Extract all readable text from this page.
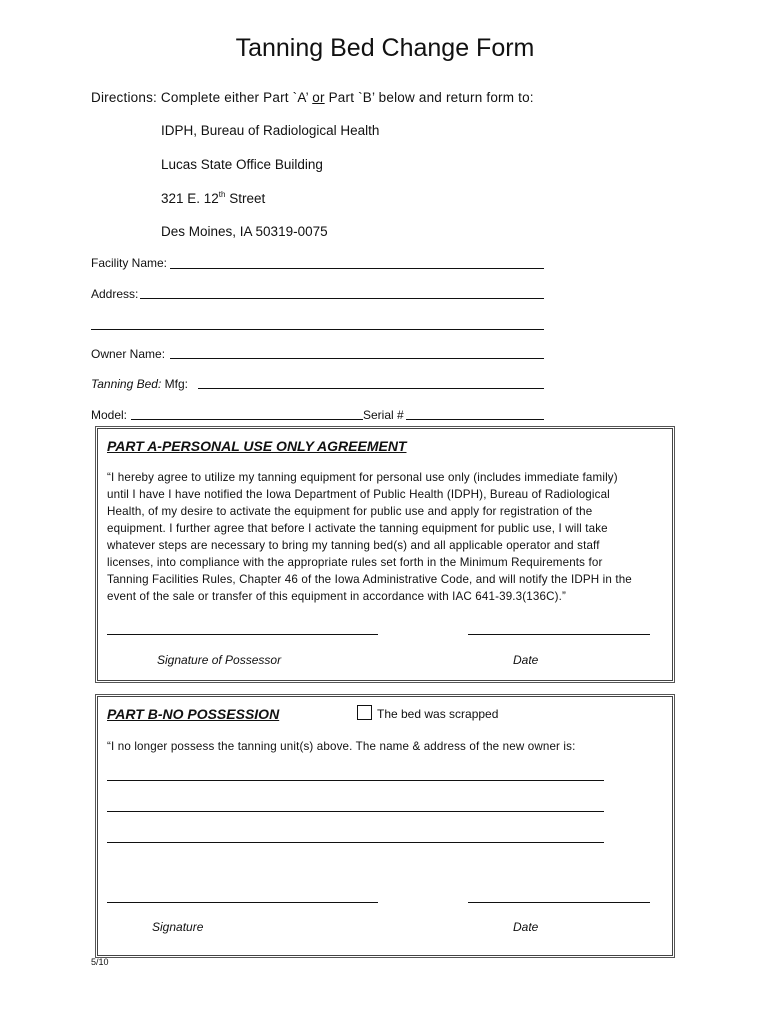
Tanning Bed Change Form
Directions: Complete either Part `A’ or Part `B’ below and return form to:
IDPH, Bureau of Radiological Health
Lucas State Office Building
321 E. 12th Street
Des Moines, IA 50319-0075
Facility Name:
Address:
Owner Name:
Tanning Bed: Mfg:
Model:	Serial #
PART A-PERSONAL USE ONLY AGREEMENT
“I hereby agree to utilize my tanning equipment for personal use only (includes immediate family)
until I have I have notified the Iowa Department of Public Health (IDPH), Bureau of Radiological
Health, of my desire to activate the equipment for public use and apply for registration of the
equipment. I further agree that before I activate the tanning equipment for public use, I will take
whatever steps are necessary to bring my tanning bed(s) and all applicable operator and staff
licenses, into compliance with the appropriate rules set forth in the Minimum Requirements for
Tanning Facilities Rules, Chapter 46 of the Iowa Administrative Code, and will notify the IDPH in the
event of the sale or transfer of this equipment in accordance with IAC 641-39.3(136C).”
Signature of Possessor	Date
PART B-NO POSSESSION	The bed was scrapped
“I no longer possess the tanning unit(s) above. The name & address of the new owner is:
Signature	Date
5/10
